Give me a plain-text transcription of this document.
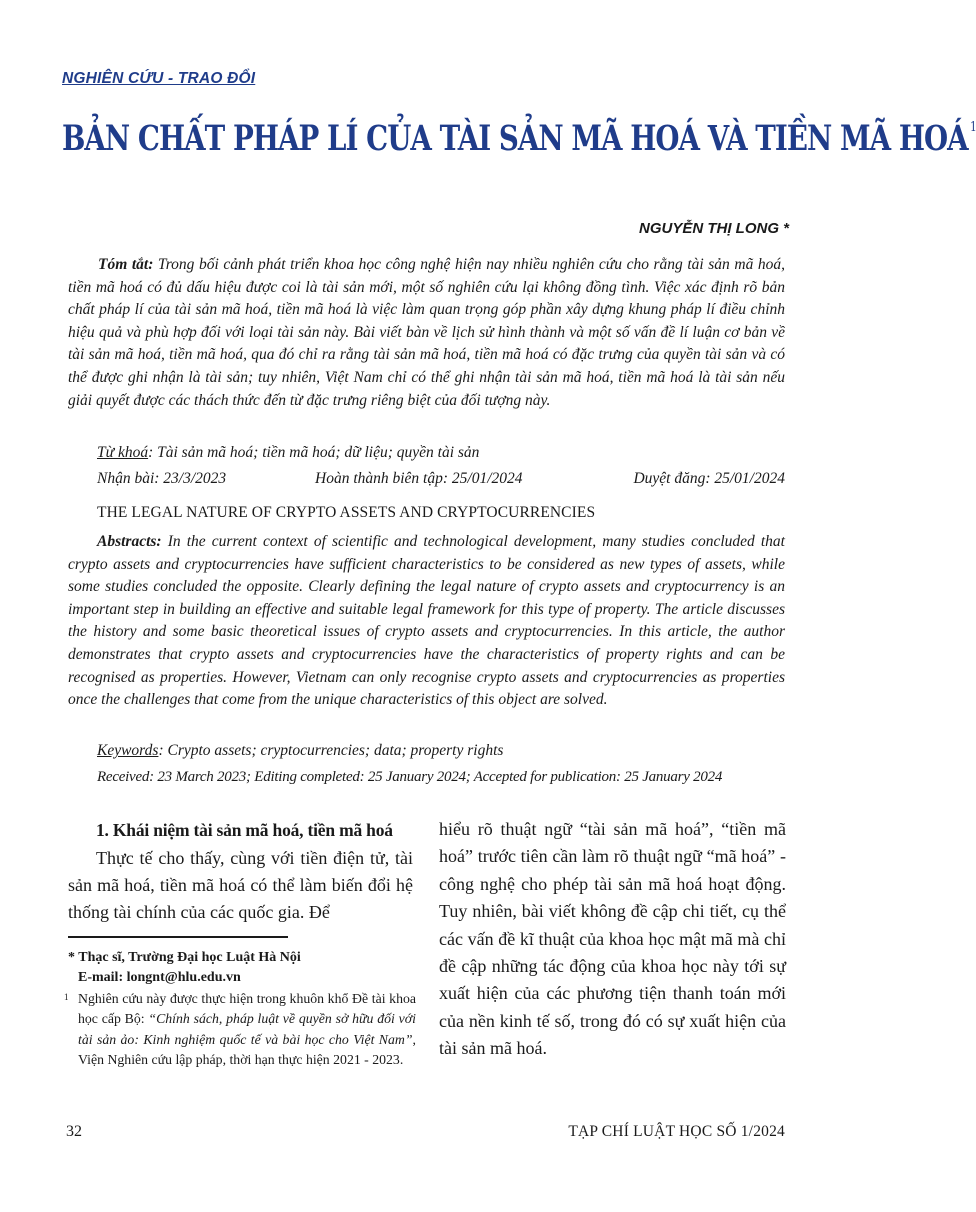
NGHIÊN CỨU - TRAO ĐỔI
BẢN CHẤT PHÁP LÍ CỦA TÀI SẢN MÃ HOÁ VÀ TIỀN MÃ HOÁ $^1$
NGUYỄN THỊ LONG *
Tóm tắt: Trong bối cảnh phát triển khoa học công nghệ hiện nay nhiều nghiên cứu cho rằng tài sản mã hoá, tiền mã hoá có đủ dấu hiệu được coi là tài sản mới, một số nghiên cứu lại không đồng tình. Việc xác định rõ bản chất pháp lí của tài sản mã hoá, tiền mã hoá là việc làm quan trọng góp phần xây dựng khung pháp lí điều chỉnh hiệu quả và phù hợp đối với loại tài sản này. Bài viết bàn về lịch sử hình thành và một số vấn đề lí luận cơ bản về tài sản mã hoá, tiền mã hoá, qua đó chỉ ra rằng tài sản mã hoá, tiền mã hoá có đặc trưng của quyền tài sản và có thể được ghi nhận là tài sản; tuy nhiên, Việt Nam chỉ có thể ghi nhận tài sản mã hoá, tiền mã hoá là tài sản nếu giải quyết được các thách thức đến từ đặc trưng riêng biệt của đối tượng này.
Từ khoá: Tài sản mã hoá; tiền mã hoá; dữ liệu; quyền tài sản
Nhận bài: 23/3/2023	Hoàn thành biên tập: 25/01/2024	Duyệt đăng: 25/01/2024
THE LEGAL NATURE OF CRYPTO ASSETS AND CRYPTOCURRENCIES
Abstracts: In the current context of scientific and technological development, many studies concluded that crypto assets and cryptocurrencies have sufficient characteristics to be considered as new types of assets, while some studies concluded the opposite. Clearly defining the legal nature of crypto assets and cryptocurrency is an important step in building an effective and suitable legal framework for this type of property. The article discusses the history and some basic theoretical issues of crypto assets and cryptocurrencies. In this article, the author demonstrates that crypto assets and cryptocurrencies have the characteristics of property rights and can be recognised as properties. However, Vietnam can only recognise crypto assets and cryptocurrencies as properties once the challenges that come from the unique characteristics of this object are solved.
Keywords: Crypto assets; cryptocurrencies; data; property rights
Received: 23 March 2023; Editing completed: 25 January 2024; Accepted for publication: 25 January 2024
1. Khái niệm tài sản mã hoá, tiền mã hoá
Thực tế cho thấy, cùng với tiền điện tử, tài sản mã hoá, tiền mã hoá có thể làm biến đổi hệ thống tài chính của các quốc gia. Để
hiểu rõ thuật ngữ “tài sản mã hoá”, “tiền mã hoá” trước tiên cần làm rõ thuật ngữ “mã hoá” - công nghệ cho phép tài sản mã hoá hoạt động. Tuy nhiên, bài viết không đề cập chi tiết, cụ thể các vấn đề kĩ thuật của khoa học mật mã mà chỉ đề cập những tác động của khoa học này tới sự xuất hiện của các phương tiện thanh toán mới của nền kinh tế số, trong đó có sự xuất hiện của tài sản mã hoá.
* Thạc sĩ, Trường Đại học Luật Hà Nội
E-mail: longnt@hlu.edu.vn
1 Nghiên cứu này được thực hiện trong khuôn khổ Đề tài khoa học cấp Bộ: “Chính sách, pháp luật về quyền sở hữu đối với tài sản ảo: Kinh nghiệm quốc tế và bài học cho Việt Nam”, Viện Nghiên cứu lập pháp, thời hạn thực hiện 2021 - 2023.
32	TẠP CHÍ LUẬT HỌC SỐ 1/2024
